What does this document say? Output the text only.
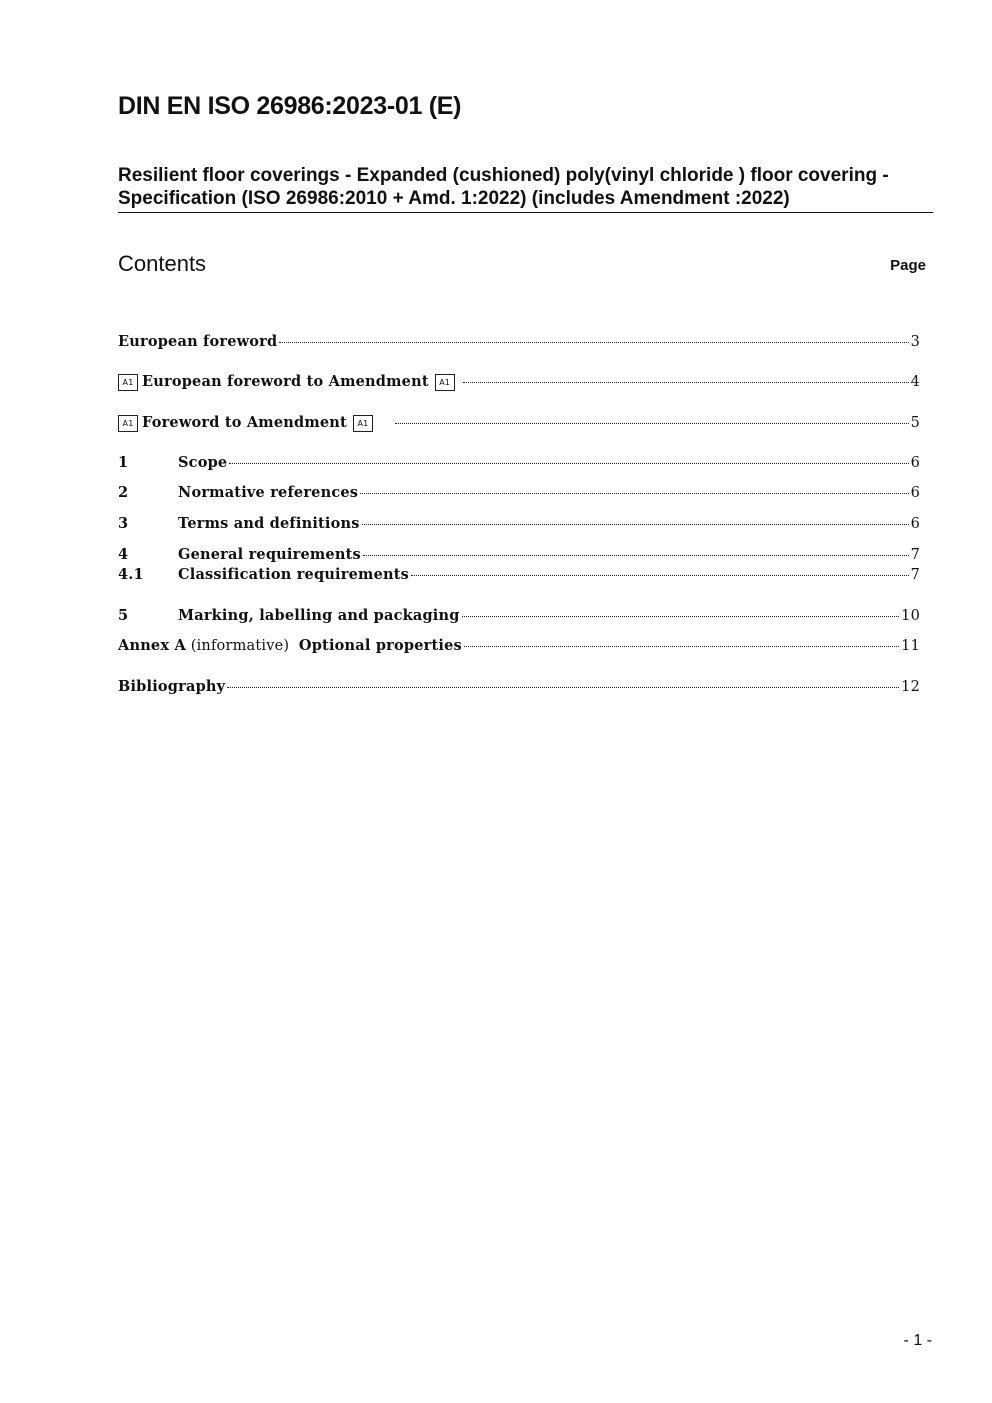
DIN EN ISO 26986:2023-01 (E)
Resilient floor coverings - Expanded (cushioned) poly(vinyl chloride ) floor covering -
Specification (ISO 26986:2010 + Amd. 1:2022) (includes Amendment :2022)
Contents	Page
European foreword	3
A1 European foreword to Amendment	A1	4
A1 Foreword to Amendment	A1	5
1	Scope	6
2	Normative references	6
3	Terms and definitions	6
4	General requirements	7
4.1	Classification requirements	7
5	Marking, labelling and packaging	10
Annex A (informative)  Optional properties	11
Bibliography	12
- 1 -
